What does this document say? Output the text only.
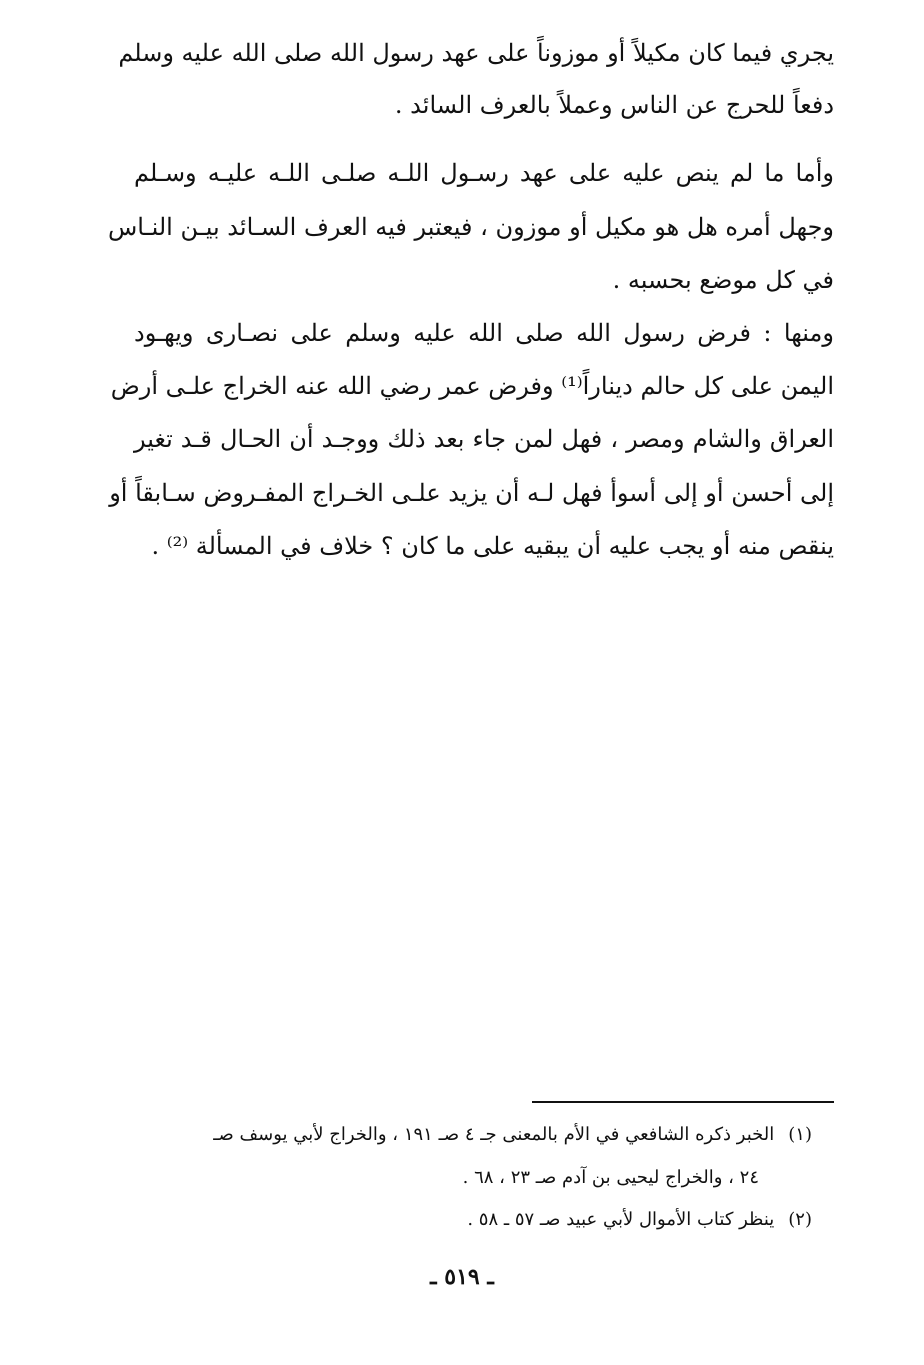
يجري فيما كان مكيلاً أو موزوناً على عهد رسول الله صلى الله عليه وسلم
دفعاً للحرج عن الناس وعملاً بالعرف السائد .
وأما ما لم ينص عليه على عهد رسـول اللـه صلـى اللـه عليـه وسـلم
وجهل أمره هل هو مكيل أو موزون ، فيعتبر فيه العرف السـائد بيـن النـاس
في كل موضع بحسبه .
ومنها : فرض رسول الله صلى الله عليه وسلم على نصـارى ويهـود
اليمن على كل حالم ديناراً⁽¹⁾ وفرض عمر رضي الله عنه الخراج علـى أرض
العراق والشام ومصر ، فهل لمن جاء بعد ذلك ووجـد أن الحـال قـد تغير
إلى أحسن أو إلى أسوأ فهل لـه أن يزيد علـى الخـراج المفـروض سـابقاً أو
ينقص منه أو يجب عليه أن يبقيه على ما كان ؟ خلاف في المسألة ⁽²⁾ .
(١)الخبر ذكره الشافعي في الأم بالمعنى جـ ٤ صـ ١٩١ ، والخراج لأبي يوسف صـ
٢٤ ، والخراج ليحيى بن آدم صـ ٢٣ ، ٦٨ .
(٢)ينظر كتاب الأموال لأبي عبيد صـ ٥٧ ـ ٥٨ .
ـ ٥١٩ ـ
